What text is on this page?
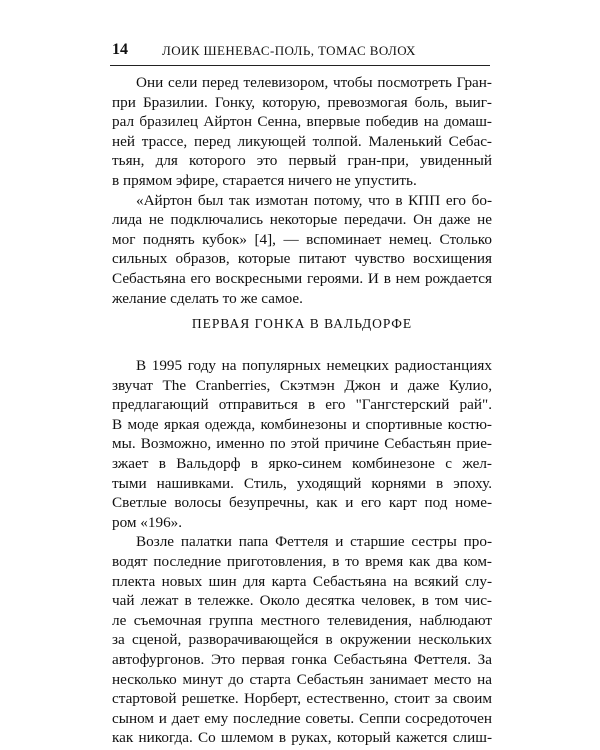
14	ЛОИК ШЕНЕВАС-ПОЛЬ, ТОМАС ВОЛОХ
Они сели перед телевизором, чтобы посмотреть Гран-
при Бразилии. Гонку, которую, превозмогая боль, выиг-
рал бразилец Айртон Сенна, впервые победив на домаш-
ней трассе, перед ликующей толпой. Маленький Себас-
тьян, для которого это первый гран-при, увиденный
в прямом эфире, старается ничего не упустить.
«Айртон был так измотан потому, что в КПП его бо-
лида не подключались некоторые передачи. Он даже не
мог поднять кубок» [4], — вспоминает немец. Столько
сильных образов, которые питают чувство восхищения
Себастьяна его воскресными героями. И в нем рождается
желание сделать то же самое.
ПЕРВАЯ ГОНКА В ВАЛЬДОРФЕ
В 1995 году на популярных немецких радиостанциях
звучат The Cranberries, Скэтмэн Джон и даже Кулио,
предлагающий отправиться в его "Гангстерский рай".
В моде яркая одежда, комбинезоны и спортивные костю-
мы. Возможно, именно по этой причине Себастьян прие-
зжает в Вальдорф в ярко-синем комбинезоне с жел-
тыми нашивками. Стиль, уходящий корнями в эпоху.
Светлые волосы безупречны, как и его карт под номе-
ром «196».
Возле палатки папа Феттеля и старшие сестры про-
водят последние приготовления, в то время как два ком-
плекта новых шин для карта Себастьяна на всякий слу-
чай лежат в тележке. Около десятка человек, в том чис-
ле съемочная группа местного телевидения, наблюдают
за сценой, разворачивающейся в окружении нескольких
автофургонов. Это первая гонка Себастьяна Феттеля. За
несколько минут до старта Себастьян занимает место на
стартовой решетке. Норберт, естественно, стоит за своим
сыном и дает ему последние советы. Сеппи сосредоточен
как никогда. Со шлемом в руках, который кажется слиш-
